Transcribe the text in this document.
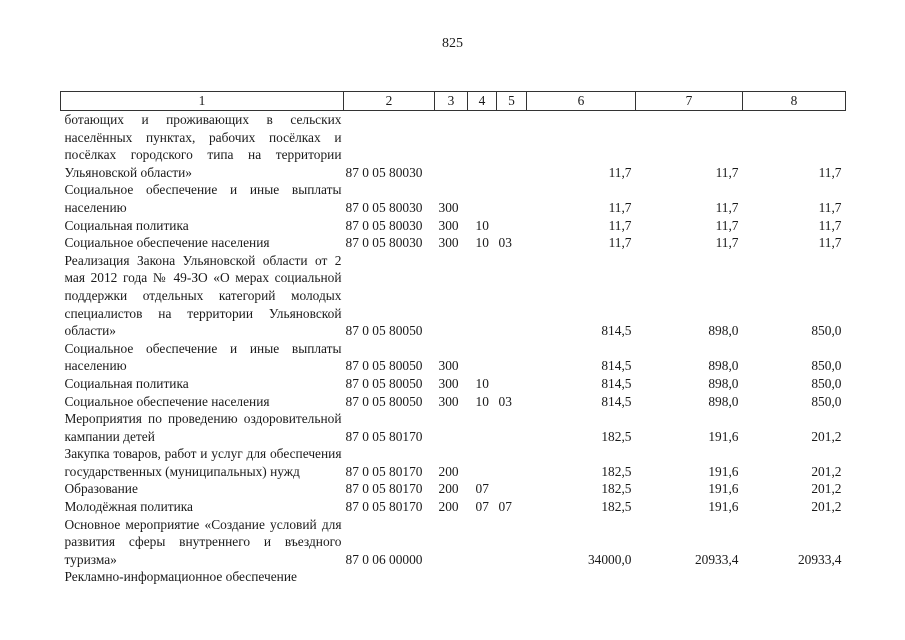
825
1	2	3	4	5	6	7	8
ботающих и проживающих в сельских населённых пунктах, рабочих посёлках и посёлках городского типа на территории Ульяновской области»	87 0 05 80030				11,7	11,7	11,7
Социальное обеспечение и иные выплаты населению	87 0 05 80030	300			11,7	11,7	11,7
Социальная политика	87 0 05 80030	300	10		11,7	11,7	11,7
Социальное обеспечение населения	87 0 05 80030	300	10	03	11,7	11,7	11,7
Реализация Закона Ульяновской области от 2 мая 2012 года № 49-ЗО «О мерах социальной поддержки отдельных категорий молодых специалистов на территории Ульяновской области»	87 0 05 80050				814,5	898,0	850,0
Социальное обеспечение и иные выплаты населению	87 0 05 80050	300			814,5	898,0	850,0
Социальная политика	87 0 05 80050	300	10		814,5	898,0	850,0
Социальное обеспечение населения	87 0 05 80050	300	10	03	814,5	898,0	850,0
Мероприятия по проведению оздоровительной кампании детей	87 0 05 80170				182,5	191,6	201,2
Закупка товаров, работ и услуг для обеспечения государственных (муниципальных) нужд	87 0 05 80170	200			182,5	191,6	201,2
Образование	87 0 05 80170	200	07		182,5	191,6	201,2
Молодёжная политика	87 0 05 80170	200	07	07	182,5	191,6	201,2
Основное мероприятие «Создание условий для развития сферы внутреннего и въездного туризма»	87 0 06 00000				34000,0	20933,4	20933,4
Рекламно-информационное обеспечение							
